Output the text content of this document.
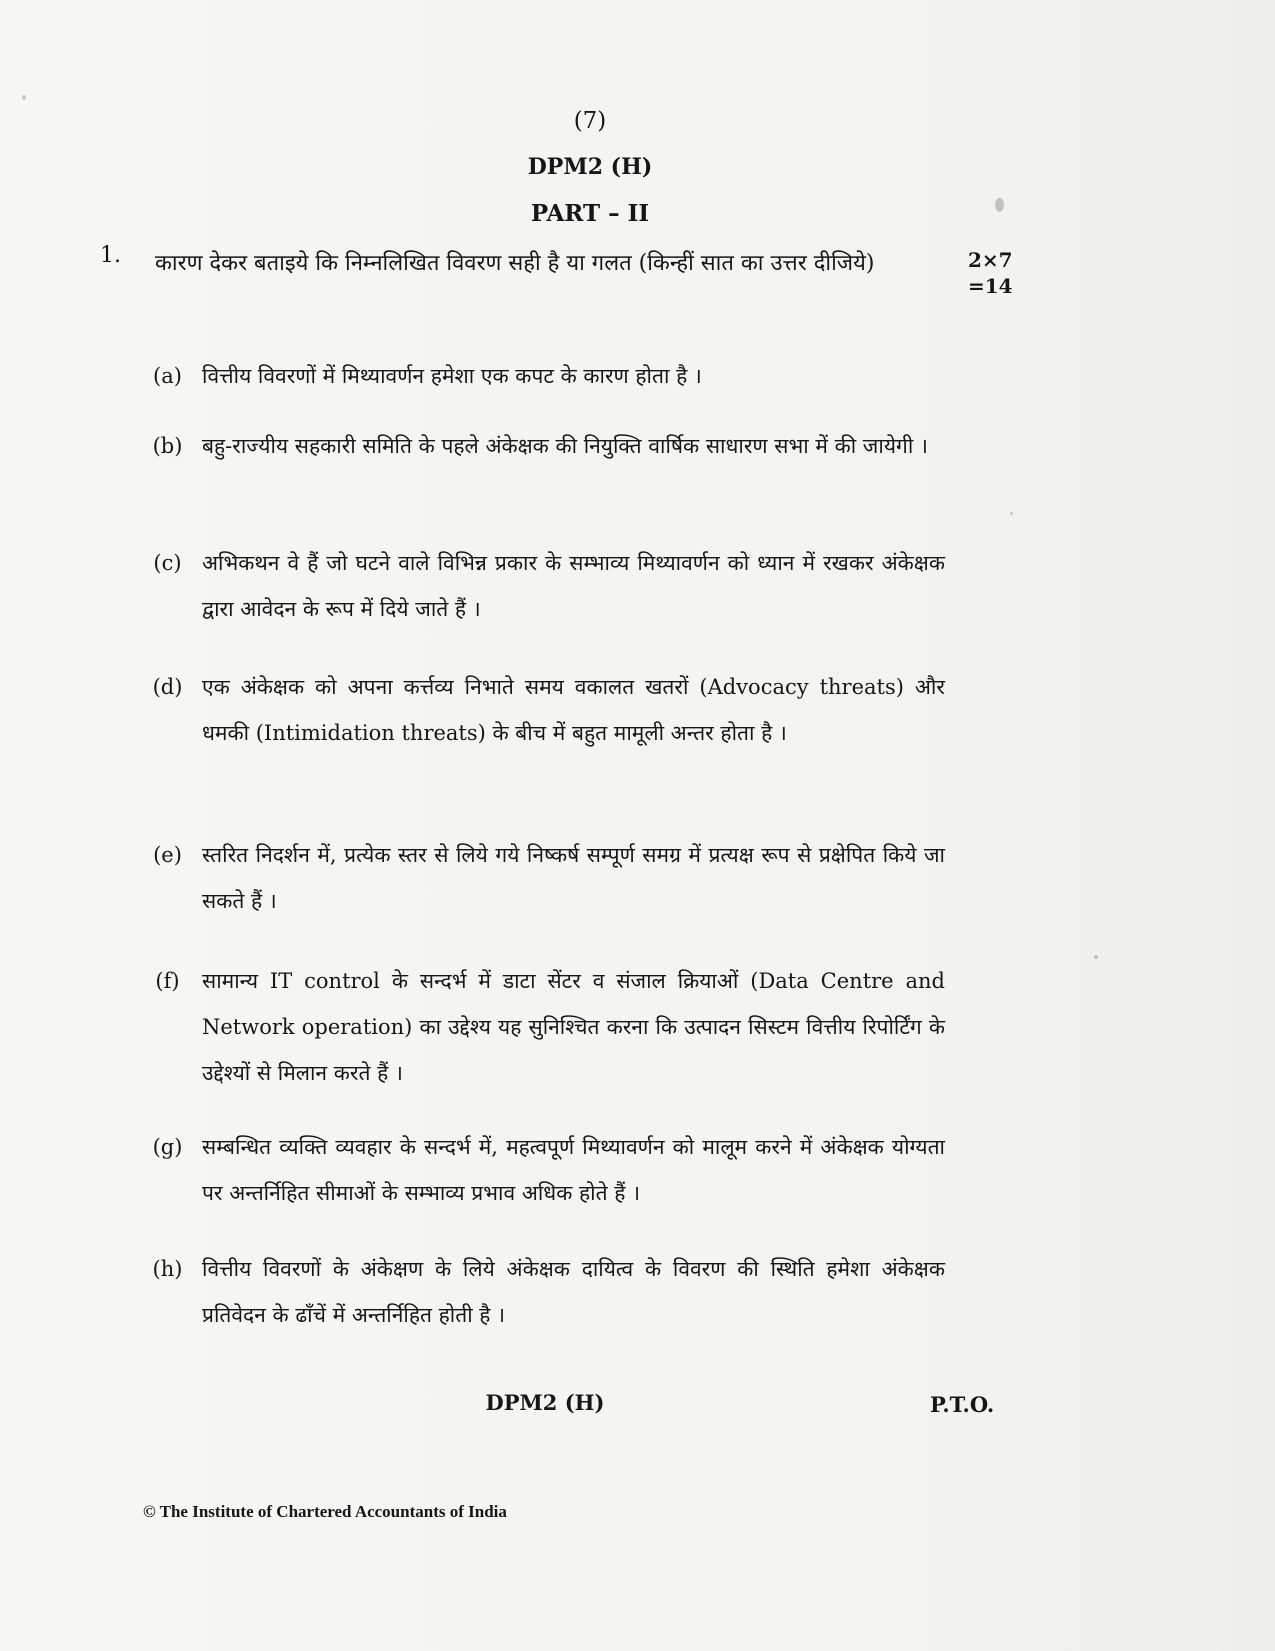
(7)
DPM2 (H)
PART – II
1. कारण देकर बताइये कि निम्नलिखित विवरण सही है या गलत (किन्हीं सात का उत्तर दीजिये)	2×7
=14
(a) वित्तीय विवरणों में मिथ्यावर्णन हमेशा एक कपट के कारण होता है ।
(b) बहु-राज्यीय सहकारी समिति के पहले अंकेक्षक की नियुक्ति वार्षिक साधारण सभा में की जायेगी ।
(c) अभिकथन वे हैं जो घटने वाले विभिन्न प्रकार के सम्भाव्य मिथ्यावर्णन को ध्यान में रखकर अंकेक्षक द्वारा आवेदन के रूप में दिये जाते हैं ।
(d) एक अंकेक्षक को अपना कर्त्तव्य निभाते समय वकालत खतरों (Advocacy threats) और धमकी (Intimidation threats) के बीच में बहुत मामूली अन्तर होता है ।
(e) स्तरित निदर्शन में, प्रत्येक स्तर से लिये गये निष्कर्ष सम्पूर्ण समग्र में प्रत्यक्ष रूप से प्रक्षेपित किये जा सकते हैं ।
(f)	सामान्य IT control के सन्दर्भ में डाटा सेंटर व संजाल क्रियाओं (Data Centre and Network operation) का उद्देश्य यह सुनिश्चित करना कि उत्पादन सिस्टम वित्तीय रिपोर्टिंग के उद्देश्यों से मिलान करते हैं ।
(g) सम्बन्धित व्यक्ति व्यवहार के सन्दर्भ में, महत्वपूर्ण मिथ्यावर्णन को मालूम करने में अंकेक्षक योग्यता पर अन्तर्निहित सीमाओं के सम्भाव्य प्रभाव अधिक होते हैं ।
(h) वित्तीय विवरणों के अंकेक्षण के लिये अंकेक्षक दायित्व के विवरण की स्थिति हमेशा अंकेक्षक प्रतिवेदन के ढाँचें में अन्तर्निहित होती है ।
DPM2 (H)	P.T.O.
© The Institute of Chartered Accountants of India
